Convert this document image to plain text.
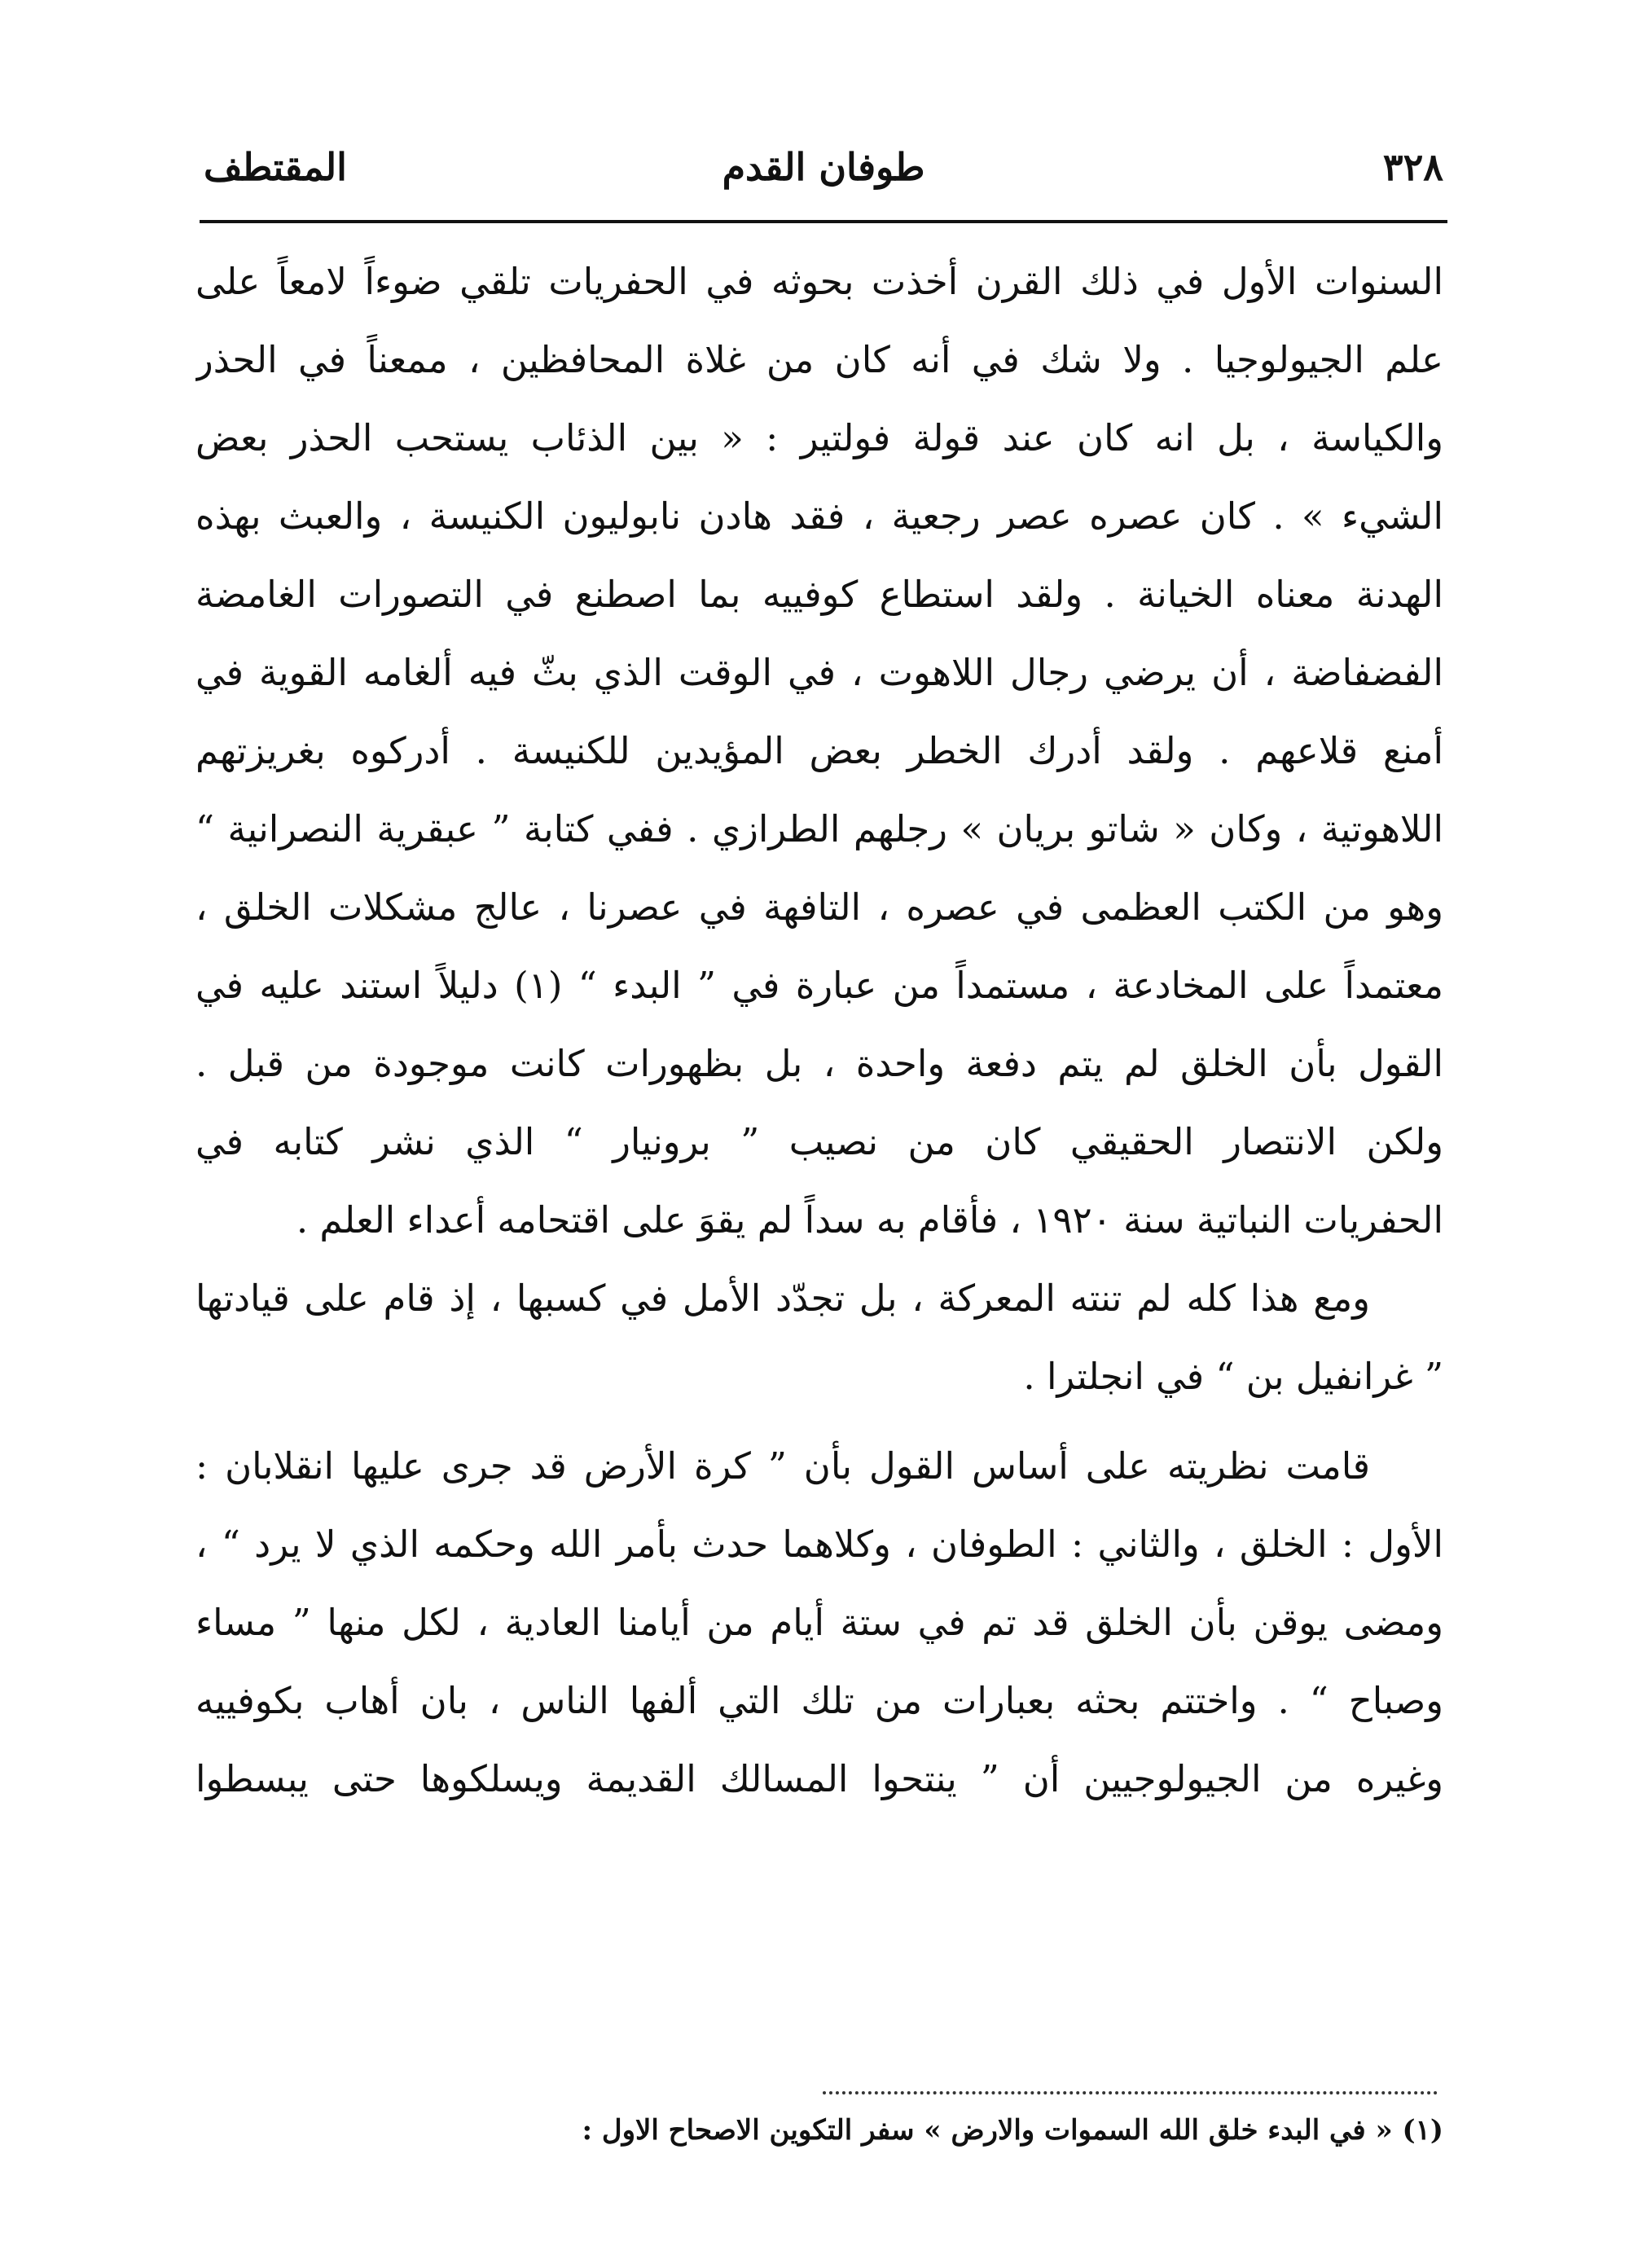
٣٢٨
طوفان القدم
المقتطف
السنوات الأول في ذلك القرن أخذت بحوثه في الحفريات تلقي ضوءاً لامعاً على
علم الجيولوجيا . ولا شك في أنه كان من غلاة المحافظين ، ممعناً في الحذر
والكياسة ، بل انه كان عند قولة فولتير : « بين الذئاب يستحب الحذر بعض
الشيء » . كان عصره عصر رجعية ، فقد هادن نابوليون الكنيسة ، والعبث بهذه
الهدنة معناه الخيانة . ولقد استطاع كوفييه بما اصطنع في التصورات الغامضة
الفضفاضة ، أن يرضي رجال اللاهوت ، في الوقت الذي بثّ فيه ألغامه القوية في
أمنع قلاعهم . ولقد أدرك الخطر بعض المؤيدين للكنيسة . أدركوه بغريزتهم
اللاهوتية ، وكان « شاتو بريان » رجلهم الطرازي . ففي كتابة ” عبقرية النصرانية “
وهو من الكتب العظمى في عصره ، التافهة في عصرنا ، عالج مشكلات الخلق ،
معتمداً على المخادعة ، مستمداً من عبارة في ” البدء “ (١) دليلاً استند عليه في
القول بأن الخلق لم يتم دفعة واحدة ، بل بظهورات كانت موجودة من قبل .
ولكن الانتصار الحقيقي كان من نصيب ” برونيار “ الذي نشر كتابه في
الحفريات النباتية سنة ١٩٢٠ ، فأقام به سداً لم يقوَ على اقتحامه أعداء العلم .
ومع هذا كله لم تنته المعركة ، بل تجدّد الأمل في كسبها ، إذ قام على قيادتها
” غرانفيل بن “ في انجلترا .
قامت نظريته على أساس القول بأن ” كرة الأرض قد جرى عليها انقلابان :
الأول : الخلق ، والثاني : الطوفان ، وكلاهما حدث بأمر الله وحكمه الذي لا يرد “ ،
ومضى يوقن بأن الخلق قد تم في ستة أيام من أيامنا العادية ، لكل منها ” مساء
وصباح “ . واختتم بحثه بعبارات من تلك التي ألفها الناس ، بان أهاب بكوفييه
وغيره من الجيولوجيين أن ” ينتحوا المسالك القديمة ويسلكوها حتى يبسطوا
(١) « في البدء خلق الله السموات والارض » سفر التكوين الاصحاح الاول :
